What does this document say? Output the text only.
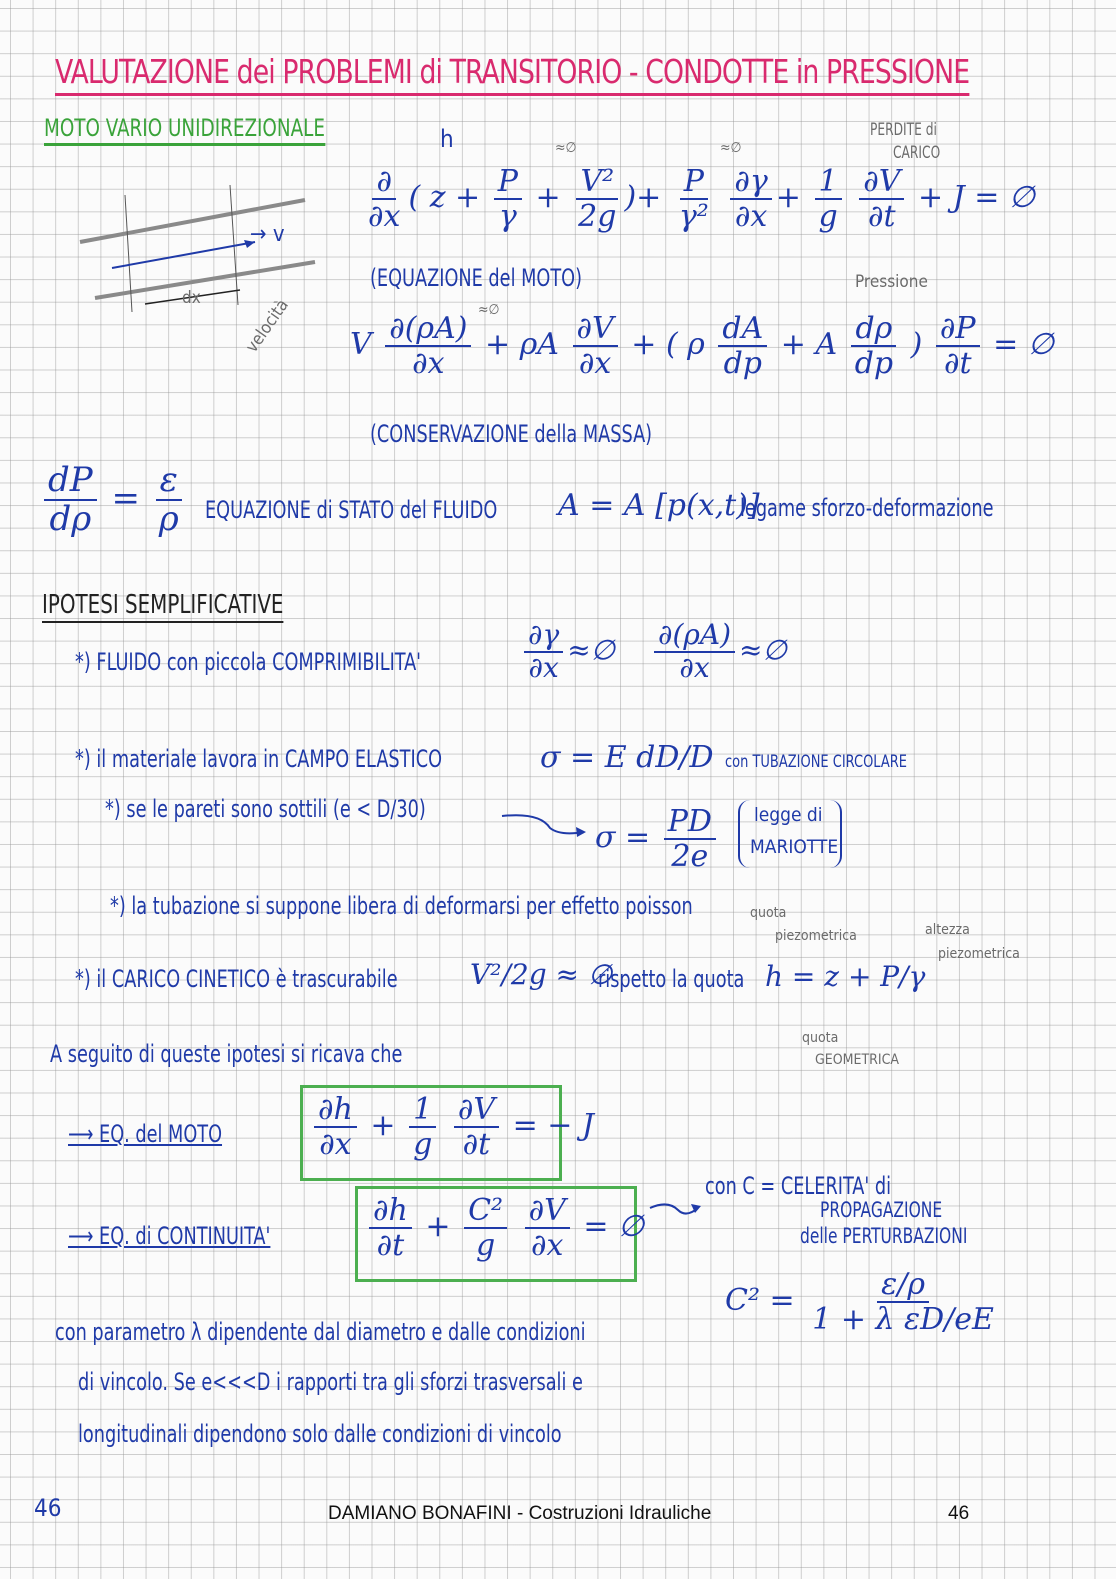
VALUTAZIONE dei PROBLEMI di TRANSITORIO - CONDOTTE in PRESSIONE
MOTO VARIO UNIDIREZIONALE	h	PERDITE di
CARICO
≈∅	≈∅
→ v
dx
$\frac{\partial}{\partial x}$ ( $z + \frac{P}{\gamma} + \frac{\text{V²}}{2g}$ )+ $\frac{P}{\text{γ²}}$
$\frac{\partial\gamma}{\partial x} + \frac{1}{g}$
$\frac{\partial V}{\partial t} + J$ = ∅
(EQUAZIONE del MOTO)	Pressione
velocità	≈∅
V $\frac{\partial(\rho A)}{\partial x} + \rho A \frac{\partial V}{\partial x}$ + ( ρ $\frac{dA}{dp} + A \frac{d\rho}{dp}$ ) $\frac{\partial P}{\partial t}$ = ∅
(CONSERVAZIONE della MASSA)
$\frac{dP}{d\rho} = \frac{\varepsilon}{\rho}$ EQUAZIONE di STATO del FLUIDO A = A [p(x,t)]
legame sforzo-deformazione
IPOTESI SEMPLIFICATIVE
*) FLUIDO con piccola COMPRIMIBILITA'	$\frac{\partial\gamma}{\partial x}$ ≈∅ $\frac{\partial(\rho A)}{\partial x}$ ≈∅
*) il materiale lavora in CAMPO ELASTICO	σ = E dD/D con TUBAZIONE CIRCOLARE
*) se le pareti sono sottili (e < D/30)
$\sigma = \frac{PD}{2e}$ legge di
MARIOTTE
*) la tubazione si suppone libera di deformarsi per effetto poisson	quota
piezometrica	altezza
piezometrica
*) il CARICO CINETICO è trascurabile	V²/2g ≈ ∅
rispetto la quota h = z + P/γ
quota
GEOMETRICA
A seguito di queste ipotesi si ricava che
⟶ EQ. del MOTO	$\frac{\partial h}{\partial x} + \frac{1}{g}$
$\frac{\partial V}{\partial t}$ = − J
⟶ EQ. di CONTINUITA'	$\frac{\partial h}{\partial t} + \frac{\text{C²}}{g}$
$\frac{\partial V}{\partial x}$ = ∅
con C = CELERITA' di
PROPAGAZIONE
delle PERTURBAZIONI
$C^2 = \frac{\varepsilon/\rho}{\text{1 + λ εD/eE}}$
con parametro λ dipendente dal diametro e dalle condizioni
di vincolo. Se e<<<D i rapporti tra gli sforzi trasversali e
longitudinali dipendono solo dalle condizioni di vincolo
46	DAMIANO BONAFINI - Costruzioni Idrauliche	46
